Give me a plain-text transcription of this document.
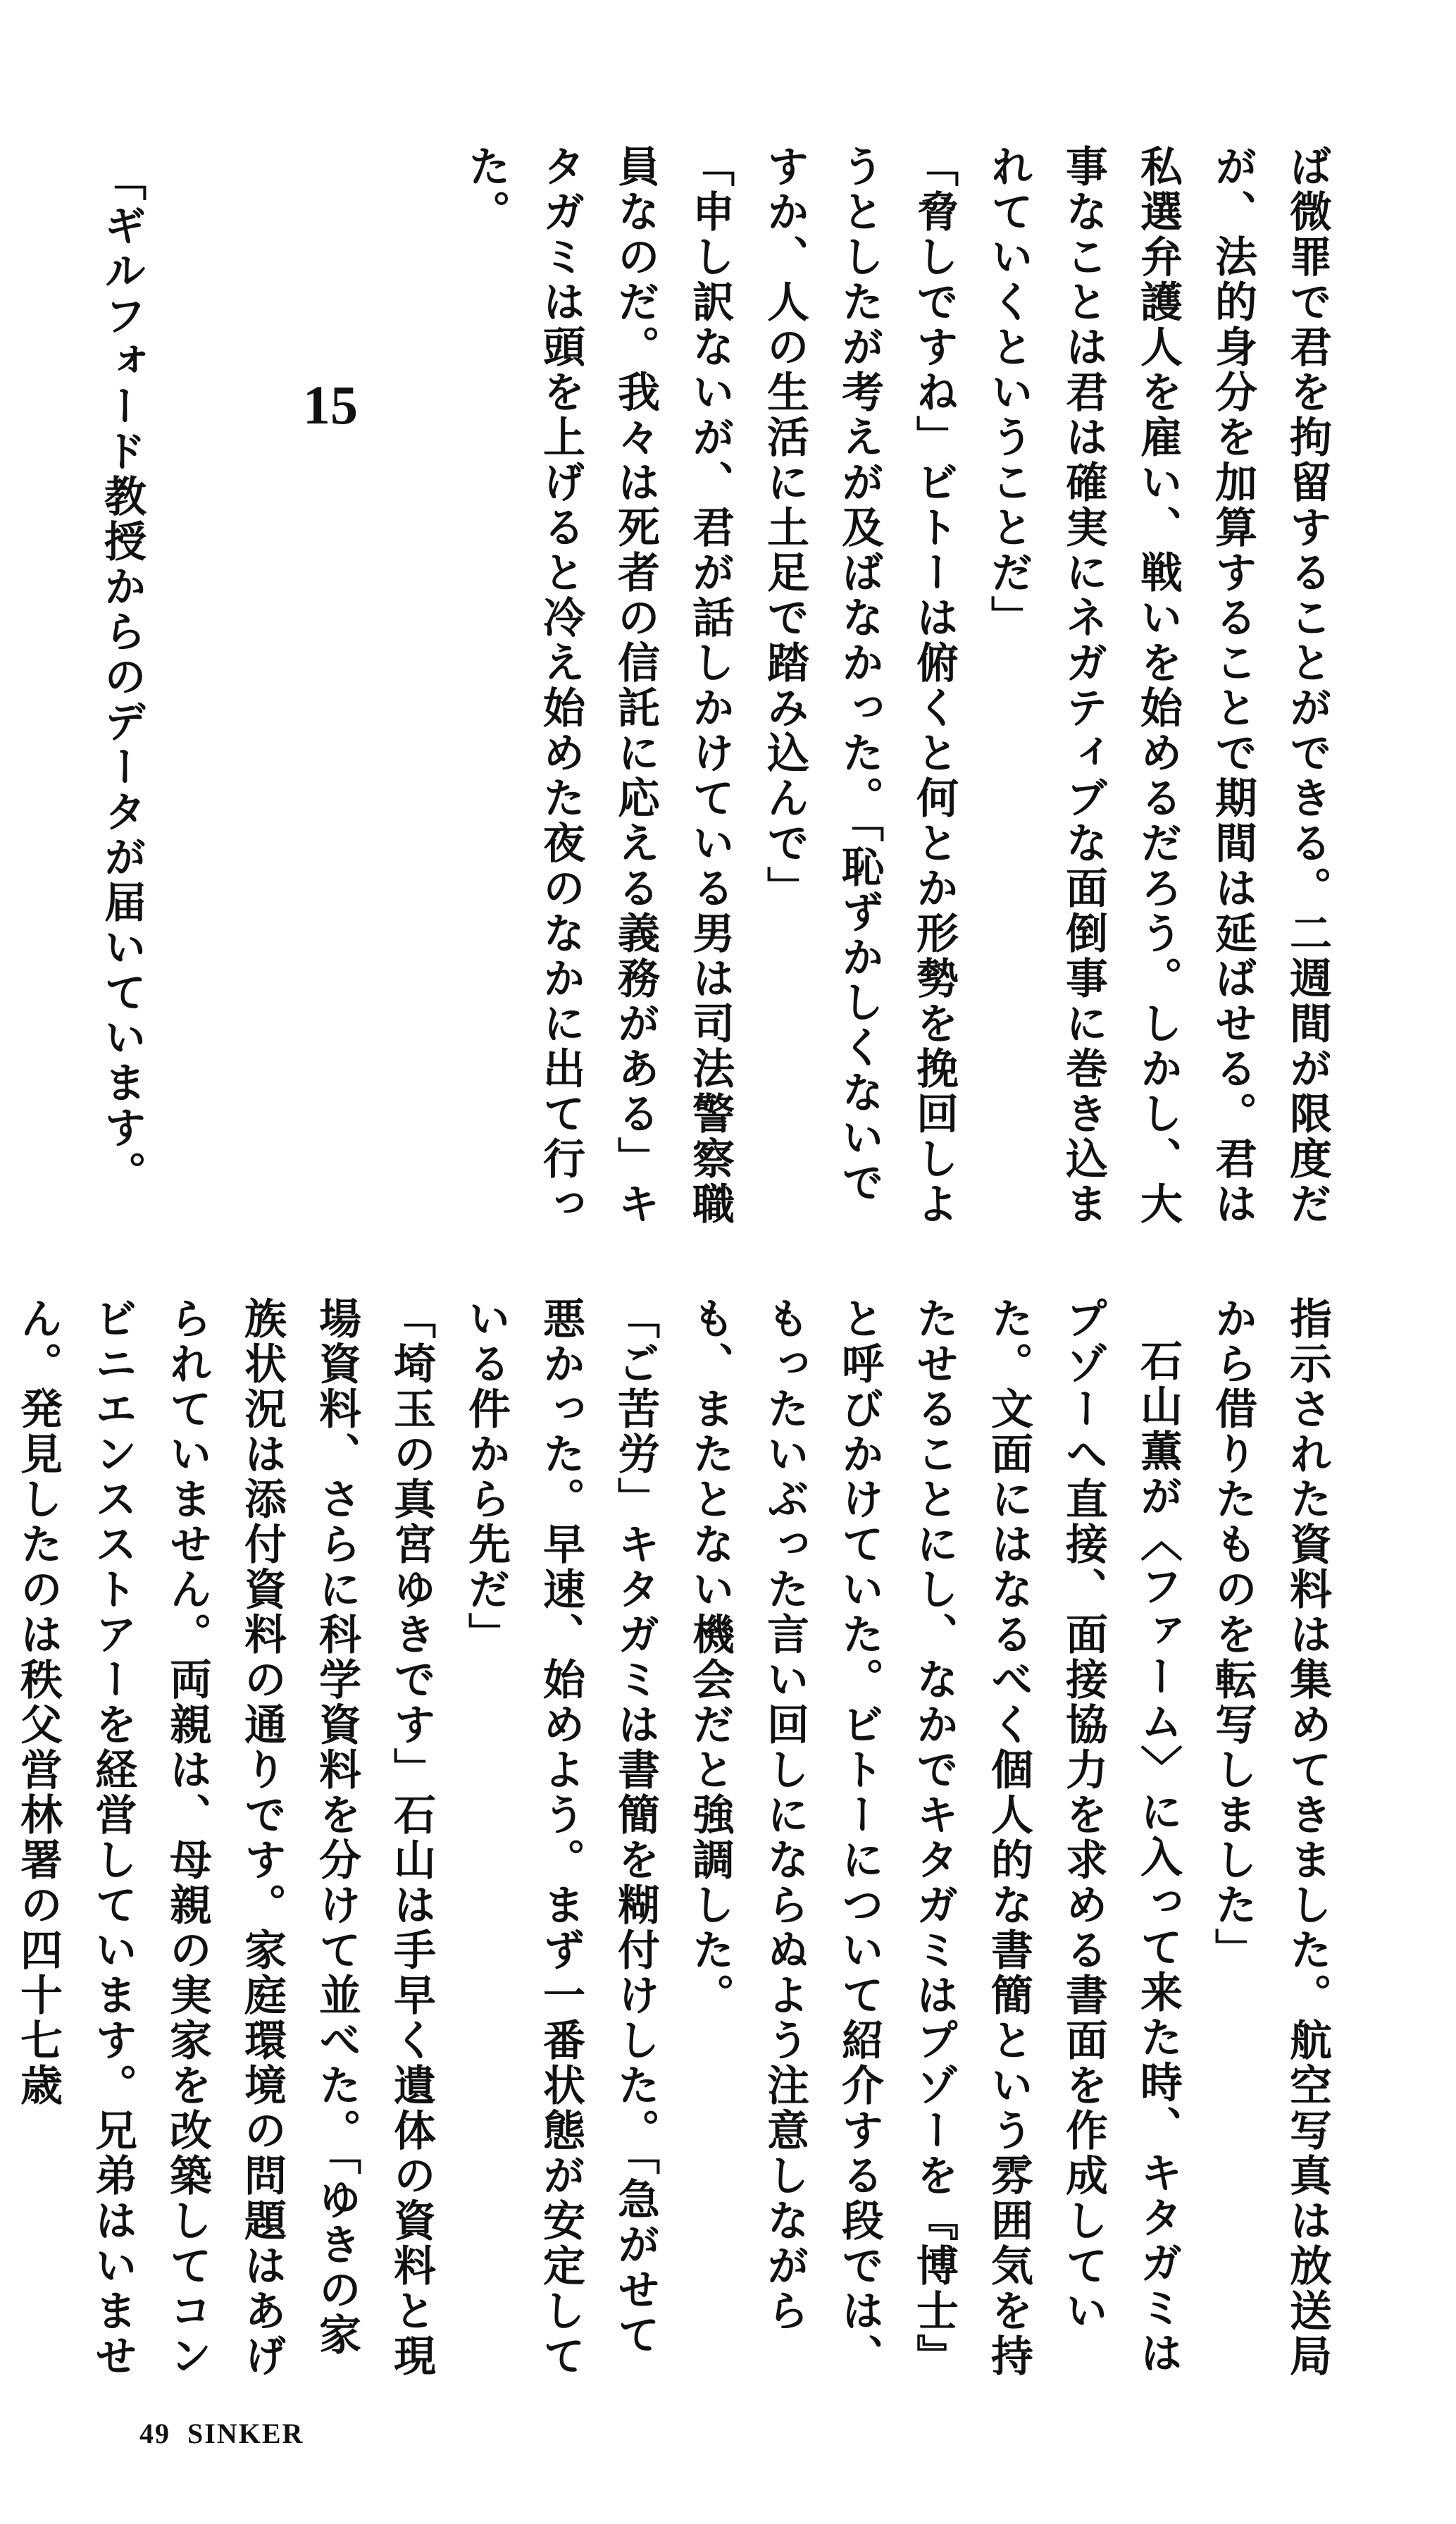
ば微罪で君を拘留することができる。二週間が限度だが、法的身分を加算することで期間は延ばせる。君は私選弁護人を雇い、戦いを始めるだろう。しかし、大事なことは君は確実にネガティブな面倒事に巻き込まれていくということだ」

「脅しですね」ビトーは俯くと何とか形勢を挽回しようとしたが考えが及ばなかった。「恥ずかしくないですか、人の生活に土足で踏み込んで」

「申し訳ないが、君が話しかけている男は司法警察職員なのだ。我々は死者の信託に応える義務がある」キタガミは頭を上げると冷え始めた夜のなかに出て行った。

15
「ギルフォード教授からのデータが届いています。

指示された資料は集めてきました。航空写真は放送局から借りたものを転写しました」

石山薫が〈ファーム〉に入って来た時、キタガミはプゾーへ直接、面接協力を求める書面を作成していた。文面にはなるべく個人的な書簡という雰囲気を持たせることにし、なかでキタガミはプゾーを『博士』と呼びかけていた。ビトーについて紹介する段では、もったいぶった言い回しにならぬよう注意しながらも、またとない機会だと強調した。

「ご苦労」キタガミは書簡を糊付けした。「急がせて悪かった。早速、始めよう。まず一番状態が安定している件から先だ」

「埼玉の真宮ゆきです」石山は手早く遺体の資料と現場資料、さらに科学資料を分けて並べた。「ゆきの家族状況は添付資料の通りです。家庭環境の問題はあげられていません。両親は、母親の実家を改築してコンビニエンスストアーを経営しています。兄弟はいません。発見したのは秩父営林署の四十七歳

49 SINKER
